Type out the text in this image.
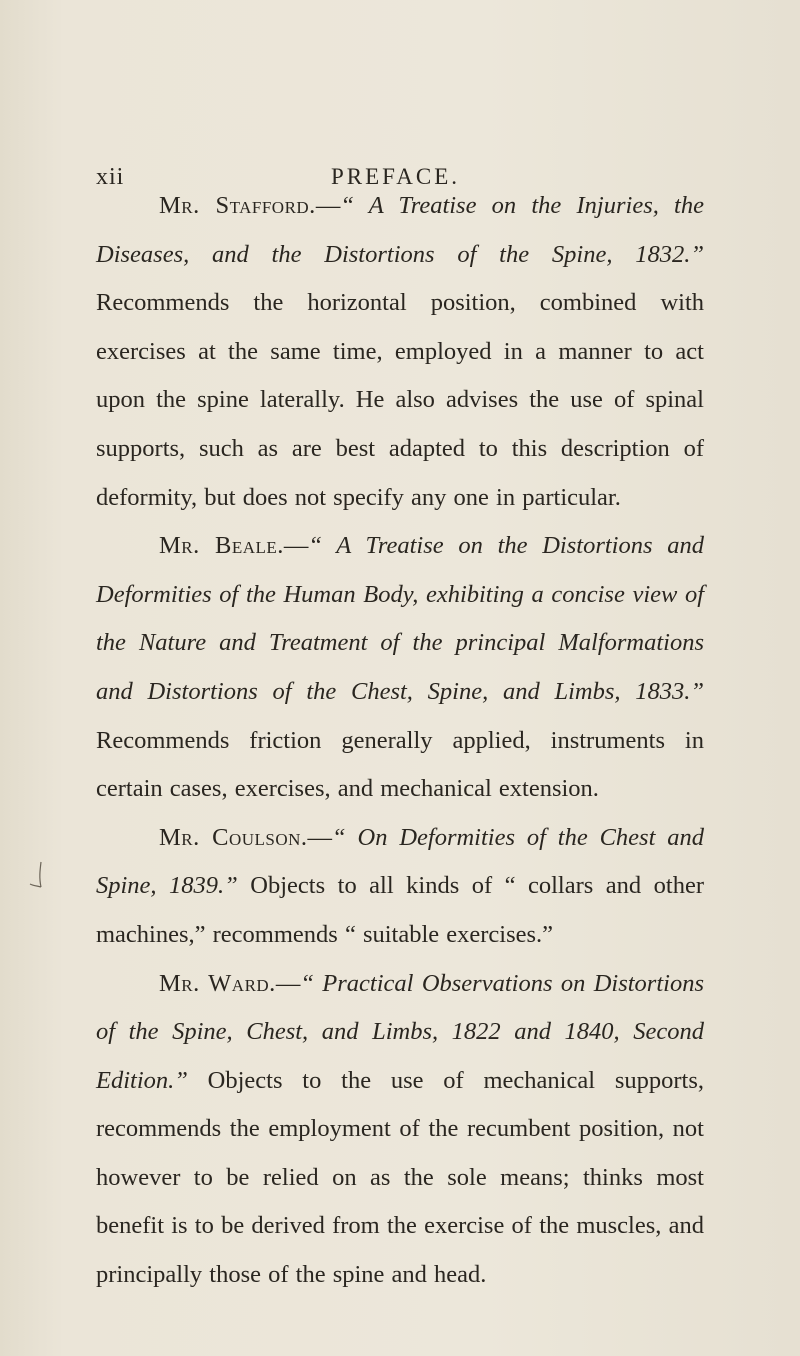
xii	PREFACE.

Mr. Stafford.—“ A Treatise on the Injuries, the Diseases, and the Distortions of the Spine, 1832.” Recommends the horizontal position, combined with exercises at the same time, employed in a manner to act upon the spine laterally. He also advises the use of spinal supports, such as are best adapted to this description of deformity, but does not specify any one in particular.

Mr. Beale.—“ A Treatise on the Distortions and Deformities of the Human Body, exhibiting a concise view of the Nature and Treatment of the principal Malformations and Distortions of the Chest, Spine, and Limbs, 1833.” Recommends friction generally applied, instruments in certain cases, exercises, and mechanical extension.

Mr. Coulson.—“ On Deformities of the Chest and Spine, 1839.” Objects to all kinds of “ collars and other machines,” recommends “ suitable exercises.”

Mr. Ward.—“ Practical Observations on Distortions of the Spine, Chest, and Limbs, 1822 and 1840, Second Edition.” Objects to the use of mechanical supports, recommends the employment of the recumbent position, not however to be relied on as the sole means; thinks most benefit is to be derived from the exercise of the muscles, and principally those of the spine and head.
